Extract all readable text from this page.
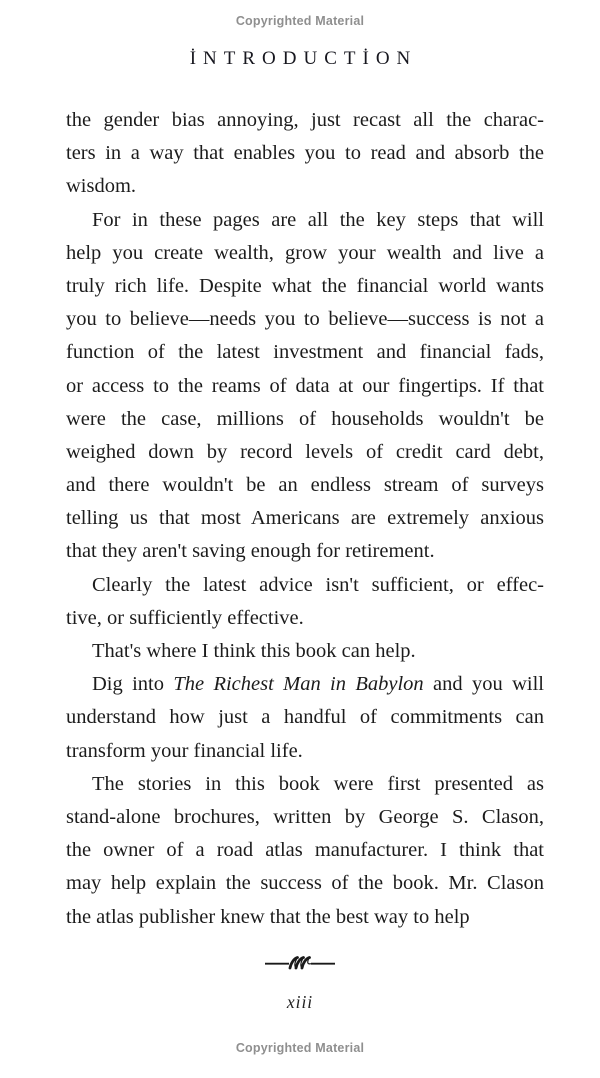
Copyrighted Material
İNTRODUCTİON
the gender bias annoying, just recast all the charac-
ters in a way that enables you to read and absorb the
wisdom.
For in these pages are all the key steps that will
help you create wealth, grow your wealth and live a
truly rich life. Despite what the financial world wants
you to believe—needs you to believe—success is not a
function of the latest investment and financial fads,
or access to the reams of data at our fingertips. If that
were the case, millions of households wouldn't be
weighed down by record levels of credit card debt,
and there wouldn't be an endless stream of surveys
telling us that most Americans are extremely anxious
that they aren't saving enough for retirement.
Clearly the latest advice isn't sufficient, or effec-
tive, or sufficiently effective.
That's where I think this book can help.
Dig into The Richest Man in Babylon and you will
understand how just a handful of commitments can
transform your financial life.
The stories in this book were first presented as
stand-alone brochures, written by George S. Clason,
the owner of a road atlas manufacturer. I think that
may help explain the success of the book. Mr. Clason
the atlas publisher knew that the best way to help
xiii
Copyrighted Material
